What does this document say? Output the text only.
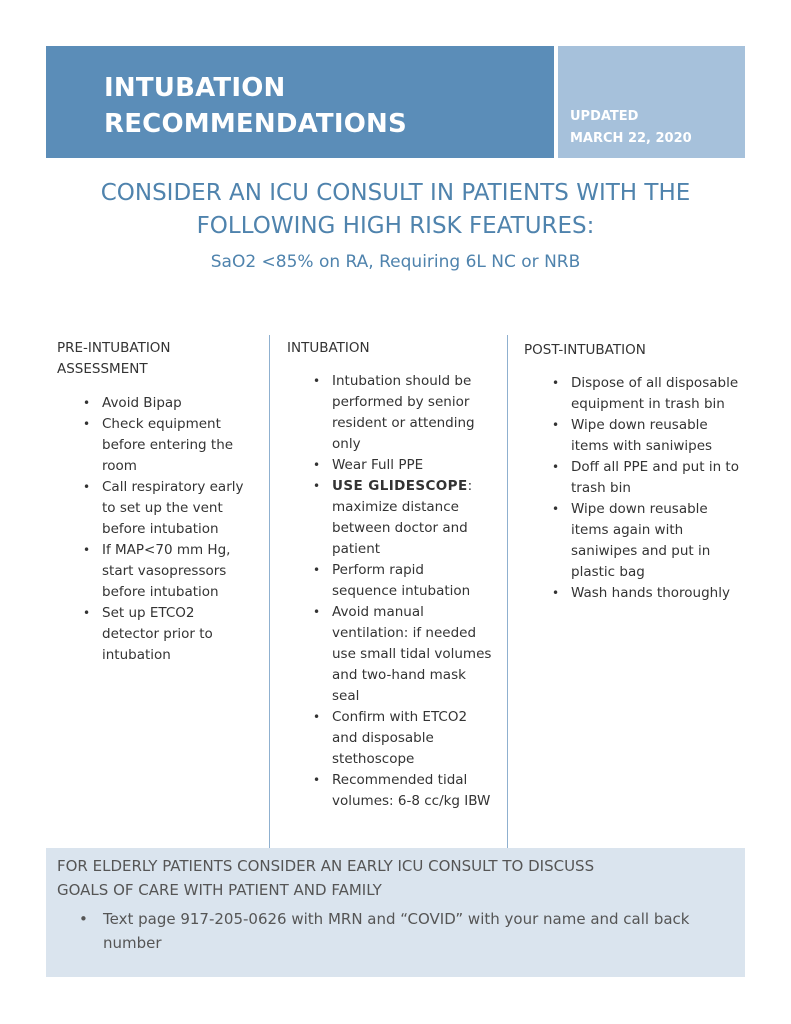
INTUBATION
RECOMMENDATIONS	UPDATED
MARCH 22, 2020
CONSIDER AN ICU CONSULT IN PATIENTS WITH THE
FOLLOWING HIGH RISK FEATURES:
SaO2 <85% on RA, Requiring 6L NC or NRB
PRE-INTUBATION
ASSESSMENT
• Avoid Bipap
• Check equipment before entering the room
• Call respiratory early to set up the vent before intubation
• If MAP<70 mm Hg, start vasopressors before intubation
• Set up ETCO2 detector prior to intubation
INTUBATION
• Intubation should be performed by senior resident or attending only
• Wear Full PPE
• USE GLIDESCOPE: maximize distance between doctor and patient
• Perform rapid sequence intubation
• Avoid manual ventilation: if needed use small tidal volumes and two-hand mask seal
• Confirm with ETCO2 and disposable stethoscope
• Recommended tidal volumes: 6-8 cc/kg IBW
POST-INTUBATION
• Dispose of all disposable equipment in trash bin
• Wipe down reusable items with saniwipes
• Doff all PPE and put in to trash bin
• Wipe down reusable items again with saniwipes and put in plastic bag
• Wash hands thoroughly
FOR ELDERLY PATIENTS CONSIDER AN EARLY ICU CONSULT TO DISCUSS
GOALS OF CARE WITH PATIENT AND FAMILY
• Text page 917-205-0626 with MRN and “COVID” with your name and call back number
